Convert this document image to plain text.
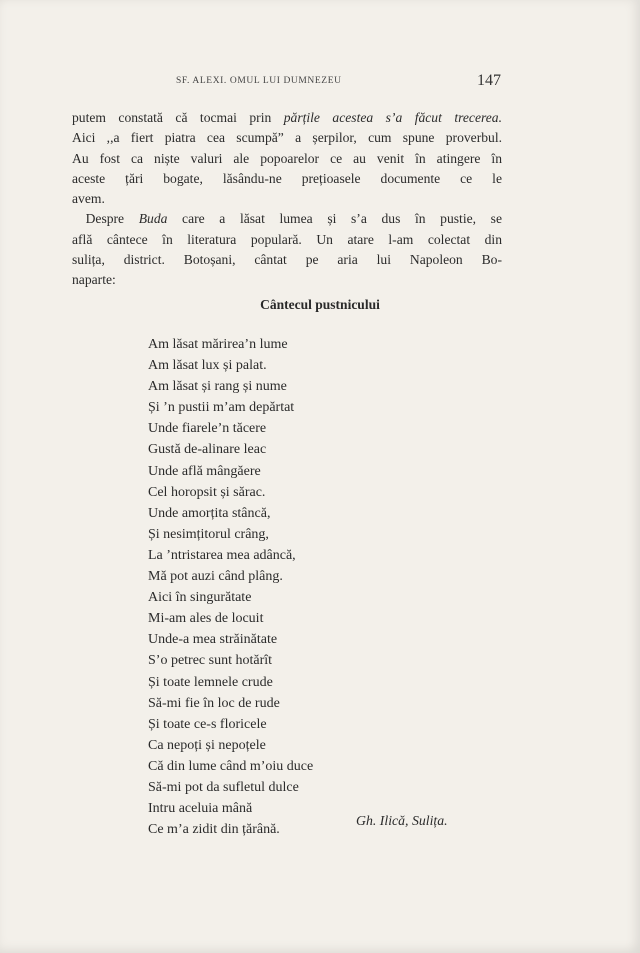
SF. ALEXI. OMUL LUI DUMNEZEU	147
putem constată că tocmai prin părțile acestea s’a făcut trecerea.
Aici ,,a fiert piatra cea scumpă” a șerpilor, cum spune proverbul.
Au fost ca niște valuri ale popoarelor ce au venit în atingere în
aceste țări bogate, lăsându-ne prețioasele documente ce le
avem.
 Despre Buda care a lăsat lumea și s’a dus în pustie, se
află cântece în literatura populară. Un atare l-am colectat din
sulița, district. Botoșani, cântat pe aria lui Napoleon Bo-
naparte:
Cântecul pustnicului
Am lăsat mărirea’n lume
Am lăsat lux și palat.
Am lăsat și rang și nume
Și ’n pustii m’am depărtat
Unde fiarele’n tăcere
Gustă de-alinare leac
Unde află mângăere
Cel horopsit și sărac.
Unde amorțita stâncă,
Și nesimțitorul crâng,
La ’ntristarea mea adâncă,
Mă pot auzi când plâng.
Aici în singurătate
Mi-am ales de locuit
Unde-a mea străinătate
S’o petrec sunt hotărît
Și toate lemnele crude
Să-mi fie în loc de rude
Și toate ce-s floricele
Ca nepoți și nepoțele
Că din lume când m’oiu duce
Să-mi pot da sufletul dulce
Intru aceluia mână
Ce m’a zidit din țărână.
Gh. Ilică, Sulița.
